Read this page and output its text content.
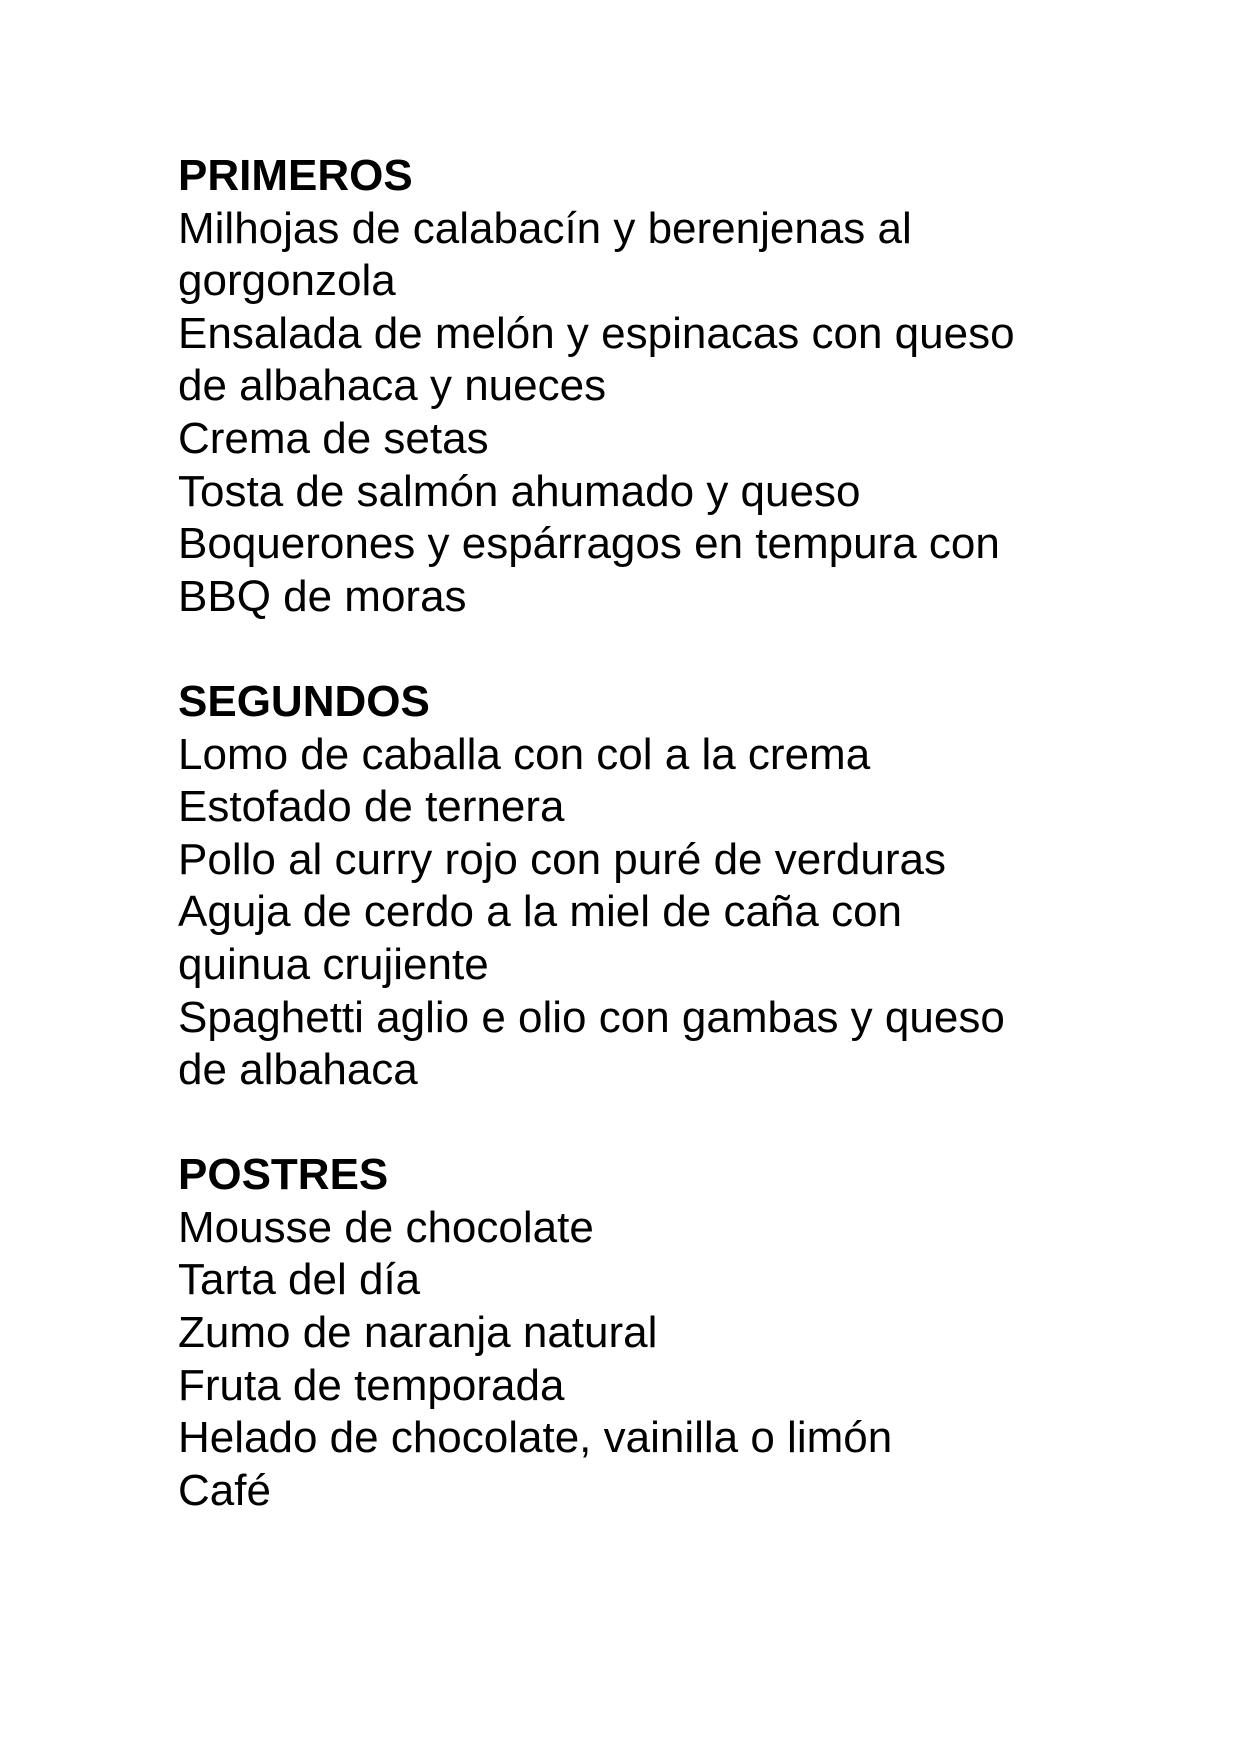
PRIMEROS

Milhojas de calabacín y berenjenas al
gorgonzola

Ensalada de melón y espinacas con queso
de albahaca y nueces

Crema de setas

Tosta de salmón ahumado y queso

Boquerones y espárragos en tempura con
BBQ de moras

SEGUNDOS

Lomo de caballa con col a la crema

Estofado de ternera

Pollo al curry rojo con puré de verduras

Aguja de cerdo a la miel de caña con
quinua crujiente

Spaghetti aglio e olio con gambas y queso
de albahaca

POSTRES

Mousse de chocolate

Tarta del día

Zumo de naranja natural

Fruta de temporada

Helado de chocolate, vainilla o limón

Café
